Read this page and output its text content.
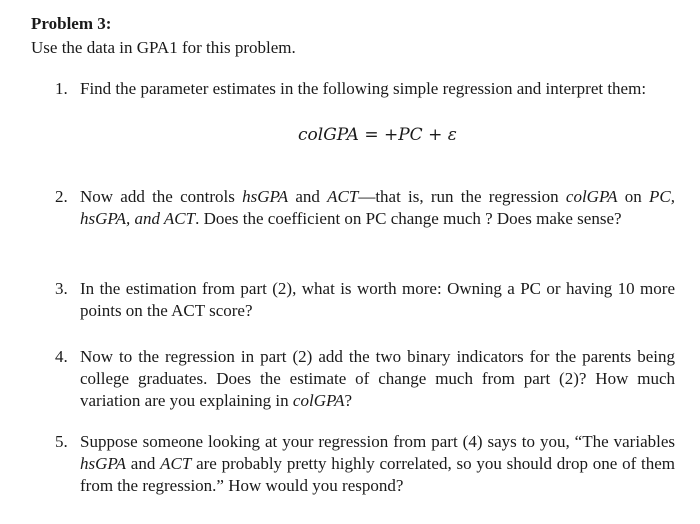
Problem 3:

Use the data in GPA1 for this problem.

1. Find the parameter estimates in the following simple regression and interpret them:
colGPA = +PC + ε
2. Now add the controls hsGPA and ACT—that is, run the regression colGPA on PC, hsGPA, and ACT. Does the coefficient on PC change much ? Does make sense?
3. In the estimation from part (2), what is worth more: Owning a PC or having 10 more points on the ACT score?
4. Now to the regression in part (2) add the two binary indicators for the parents being college graduates. Does the estimate of change much from part (2)? How much variation are you explaining in colGPA?
5. Suppose someone looking at your regression from part (4) says to you, “The variables hsGPA and ACT are probably pretty highly correlated, so you should drop one of them from the regression.” How would you respond?
